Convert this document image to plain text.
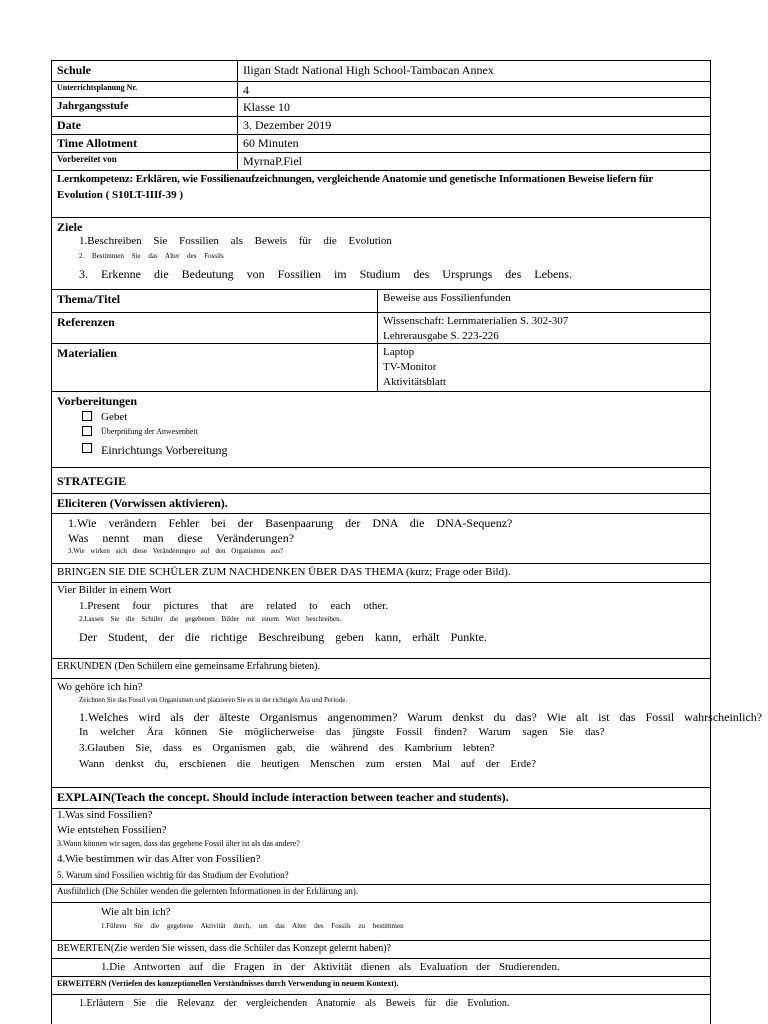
Schule	Iligan Stadt National High School-Tambacan Annex
Unterrichtsplanung Nr.	4
Jahrgangsstufe	Klasse 10
Date	3. Dezember 2019
Time Allotment	60 Minuten
Vorbereitet von	MyrnaP.Fiel
Lernkompetenz: Erklären, wie Fossilienaufzeichnungen, vergleichende Anatomie und genetische Informationen Beweise liefern für
Evolution ( S10LT-IIIf-39 )
Ziele
1.Beschreiben Sie Fossilien als Beweis für die Evolution
2. Bestimmen Sie das Alter des Fossils
3. Erkenne die Bedeutung von Fossilien im Studium des Ursprungs des Lebens.
Thema/Titel	Beweise aus Fossilienfunden
Referenzen	Wissenschaft: Lernmaterialien S. 302-307
Lehrerausgabe S. 223-226
Materialien	Laptop
TV-Monitor
Aktivitätsblatt
Vorbereitungen
Gebet
Überprüfung der Anwesenheit
Einrichtungs Vorbereitung
STRATEGIE
Eliciteren (Vorwissen aktivieren).
1.Wie verändern Fehler bei der Basenpaarung der DNA die DNA-Sequenz?
Was nennt man diese Veränderungen?
3.Wie wirken sich diese Veränderungen auf den Organismus aus?
BRINGEN SIE DIE SCHÜLER ZUM NACHDENKEN ÜBER DAS THEMA (kurz; Frage oder Bild).
Vier Bilder in einem Wort
1.Present four pictures that are related to each other.
2.Lassen Sie die Schüler die gegebenen Bilder mit einem Wort beschreiben.
Der Student, der die richtige Beschreibung geben kann, erhält Punkte.
ERKUNDEN (Den Schülern eine gemeinsame Erfahrung bieten).
Wo gehöre ich hin?
Zeichnen Sie das Fossil von Organismen und platzieren Sie es in der richtigen Ära und Periode.
1.Welches wird als der älteste Organismus angenommen? Warum denkst du das? Wie alt ist das Fossil wahrscheinlich?
In welcher Ära können Sie möglicherweise das jüngste Fossil finden? Warum sagen Sie das?
3.Glauben Sie, dass es Organismen gab, die während des Kambrium lebten?
Wann denkst du, erschienen die heutigen Menschen zum ersten Mal auf der Erde?
EXPLAIN(Teach the concept. Should include interaction between teacher and students).
1.Was sind Fossilien?
Wie entstehen Fossilien?
3.Wann können wir sagen, dass das gegebene Fossil älter ist als das andere?
4.Wie bestimmen wir das Alter von Fossilien?
5. Warum sind Fossilien wichtig für das Studium der Evolution?
Ausführlich (Die Schüler wenden die gelernten Informationen in der Erklärung an).
Wie alt bin ich?
1.Führen Sie die gegebene Aktivität durch, um das Alter des Fossils zu bestimmen
BEWERTEN(Zie werden Sie wissen, dass die Schüler das Konzept gelernt haben)?
1.Die Antworten auf die Fragen in der Aktivität dienen als Evaluation der Studierenden.
ERWEITERN (Vertiefen des konzeptionellen Verständnisses durch Verwendung in neuem Kontext).
1.Erläutern Sie die Relevanz der vergleichenden Anatomie als Beweis für die Evolution.
